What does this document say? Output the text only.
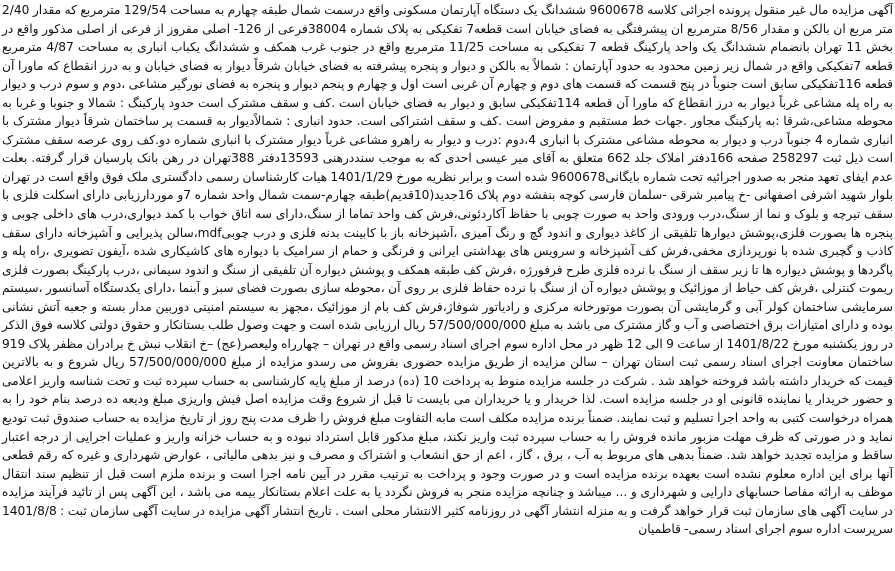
آگهی مزایده مال غیر منقول پرونده اجرائی کلاسه 9600678 ششدانگ یک دستگاه آپارتمان مسکونی واقع درسمت شمال طبقه چهارم به مساحت 129/54 مترمربع که مقدار 2/40 متر مربع ان بالکن و مقدار 8/56 مترمربع ان پیشرفتگی به فضای خیابان است قطعه7 تفکیکی به پلاک شماره 38004فرعی از 126- اصلی مفروز از فرعی از اصلی مذکور واقع در بخش 11 تهران بانضمام ششدانگ یک واحد پارکینگ قطعه 7 تفکیکی به مساحت 11/25 مترمربع واقع در جنوب غرب همکف و ششدانگ یکباب انباری به مساحت 4/87 مترمربع قطعه 7تفکیکی واقع در شمال زیر زمین محدود به حدود آپارتمان : شمالاً به بالکن و دیوار و پنجره پیشرفته به فضای خیابان شرقاً دیوار به فضای خیابان و به درز انقطاع که ماورا آن قطعه 116تفکیکی سابق است جنوباً در پنج قسمت که قسمت های دوم و چهارم آن غربی است اول و چهارم و پنجم دیوار و پنجره به فضای نورگیر مشاعی ،دوم و سوم درب و دیوار به راه پله مشاعی غرباً دیوار به درز انقطاع که ماورا آن قطعه 114تفکیکی سابق و دیوار به فضای خیابان است .کف و سقف مشترک است حدود پارکینگ : شمالا و جنوبا و غربا به محوطه مشاعی،شرقا :به پارکینگ مجاور .جهات خط مستقیم و مفروض است .کف و سقف اشتراکی است. حدود انباری : شمالاًدیوار به قسمت پر ساختمان شرقاً دیوار مشترک با انباری شماره 4 جنوباً درب و دیوار به محوطه مشاعی مشترک با انباری 4،دوم :درب و دیوار به راهرو مشاعی غرباً دیوار مشترک با انباری شماره دو.کف روی عرصه سقف مشترک است ذیل ثبت 258297 صفحه 166دفتر املاک جلد 662 متعلق به آقای میر عیسی احدی که به موجب سنددرهنی 13593دفتر 388تهران در رهن بانک پارسیان قرار گرفته. بعلت عدم ایفای تعهد منجر به صدور اجرائیه تحت شماره بایگانی9600678 شده است و برابر نظریه مورخ 1401/1/29 هیات کارشناسان رسمی دادگستری ملک فوق واقع است در تهران بلوار شهید اشرفی اصفهانی -خ پیامبر شرقی -سلمان فارسی کوچه بنفشه دوم پلاک 16جدید(10قدیم)طبقه چهارم-سمت شمال واحد شماره 7و موردارزیابی دارای اسکلت فلزی با سقف تیرچه و بلوک و نما از سنگ،درب ورودی واحد به صورت چوبی با حفاظ آکاردئونی،فرش کف واحد تماما از سنگ،دارای سه اتاق خواب با کمد دیواری،درب های داخلی چوبی و پنجره ها بصورت فلزی،پوشش دیوارها تلفیقی از کاغذ دیواری و اندود گچ و رنگ آمیزی ،آشپزخانه باز با کابینت بدنه فلزی و درب چوبیmdf،سالن پذیرایی و آشپزخانه دارای سقف کاذب و گچبری شده با نورپردازی مخفی،فرش کف آشپزخانه و سرویس های بهداشتی ایرانی و فرنگی و حمام از سرامیک با دیواره های کاشیکاری شده ،آیفون تصویری ،راه پله و پاگردها و پوشش دیواره ها تا زیر سقف از سنگ با نرده فلزی طرح فرفورژه ،فرش کف طبقه همکف و پوشش دیواره آن تلفیقی از سنگ و اندود سیمانی ،درب پارکینگ بصورت فلزی ریموت کنترلی ،فرش کف حیاط از موزائیک و پوشش دیواره آن از سنگ با نرده حفاظ فلزی بر روی آن ،محوطه سازی بصورت فضای سبز و آبنما ،دارای یکدستگاه آسانسور ،سیستم سرمایشی ساختمان کولر آبی و گرمایشی آن بصورت موتورخانه مرکزی و رادیاتور شوفاژ،فرش کف بام از موزائیک ،مجهز به سیستم امنیتی دوربین مدار بسته و جعبه آتش نشانی بوده و دارای امتیازات برق اختصاصی و آب و گاز مشترک می باشد به مبلغ 57/500/000/000 ریال ارزیابی شده است و جهت وصول طلب بستانکار و حقوق دولتی کلاسه فوق الذکر در روز یکشنبه مورخ 1401/8/22 از ساعت 9 الی 12 ظهر در محل اداره سوم اجرای اسناد رسمی واقع در تهران – چهارراه ولیعصر(عج) –خ انقلاب نبش خ برادران مظفر پلاک 919 ساختمان معاونت اجرای اسناد رسمی ثبت استان تهران – سالن مزایده از طریق مزایده حضوری بفروش می رسدو مزایده از مبلغ 57/500/000/000 ریال شروع و به بالاترین قیمت که خریدار داشته باشد فروخته خواهد شد . شرکت در جلسه مزایده منوط به پرداخت 10 (ده) درصد از مبلغ پایه کارشناسی به حساب سپرده ثبت و تحت شناسه واریز اعلامی و حضور خریدار یا نماینده قانونی او در جلسه مزایده است. لذا خریدار و یا خریداران می بایست تا قبل از شروع وقت مزایده اصل فیش واریزی مبلغ ودیعه ده درصد بنام خود را به همراه درخواست کتبی به واحد اجرا تسلیم و ثبت نمایند. ضمناً برنده مزایده مکلف است مابه التفاوت مبلغ فروش را ظرف مدت پنج روز از تاریخ مزایده به حساب صندوق ثبت تودیع نماید و در صورتی که ظرف مهلت مزبور مانده فروش را به حساب سپرده ثبت واریز نکند، مبلغ مذکور قابل استرداد نبوده و به حساب خزانه واریز و عملیات اجرایی از درجه اعتبار ساقط و مزایده تجدید خواهد شد. ضمناً بدهی های مربوط به آب ، برق ، گاز ، اعم از حق انشعاب و اشتراک و مصرف و نیز بدهی مالیاتی ، عوارض شهرداری و غیره که رقم قطعی آنها برای این اداره معلوم نشده است بعهده برنده مزایده است و در صورت وجود و پرداخت به ترتیب مقرر در آیین نامه اجرا است و برنده ملزم است قبل از تنظیم سند انتقال موظف به ارائه مفاصا حسابهای دارایی و شهرداری و ... میباشد و چنانچه مزایده منجر به فروش نگردد یا به علت اعلام بستانکار بیمه می باشد ، این آگهی پس از تائید فرآیند مزایده در سایت آگهی های سازمان ثبت قرار خواهد گرفت و به منزله انتشار آگهی در روزنامه کثیر الانتشار محلی است . تاریخ انتشار آگهی مزایده در سایت آگهی سازمان ثبت : 1401/8/8 سرپرست اداره سوم اجرای اسناد رسمی- قاطمیان
